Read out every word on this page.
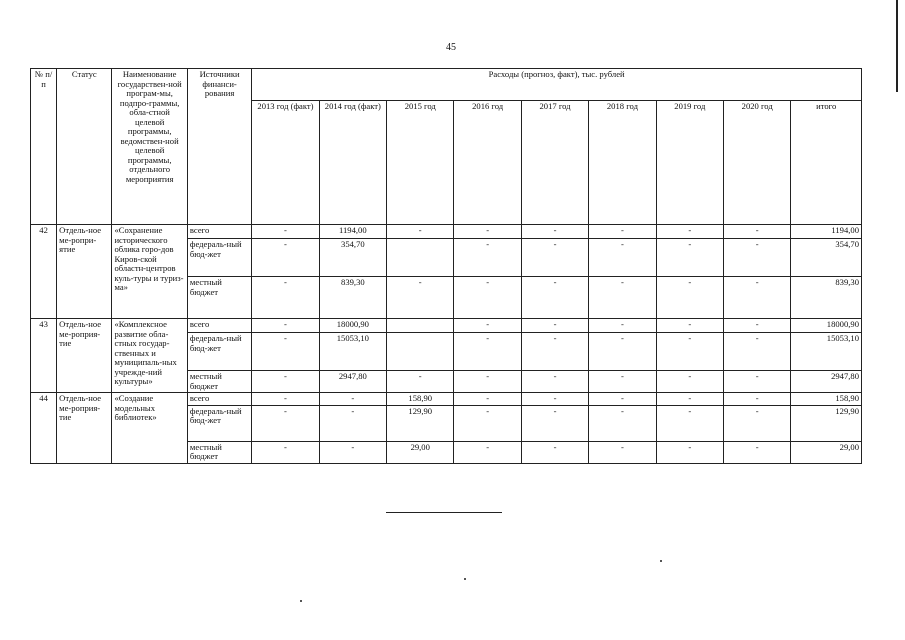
45
№ п/п	Статус	Наименование государствен-ной програм-мы, подпро-граммы, обла-стной целевой программы, ведомствен-ной целевой программы, отдельного мероприятия	Источники финанси-рования	Расходы (прогноз, факт), тыс. рублей								
				2013 год (факт)	2014 год (факт)	2015 год	2016 год	2017 год	2018 год	2019 год	2020 год	итого
42	Отдель-ное ме-ропри-ятие	«Сохранение исторического облика горо-дов Киров-ской областн-центров куль-туры и туриз-ма»	всего	-	1194,00	-	-	-	-	-	-	1194,00
			федераль-ный бюд-жет	-	354,70		-	-	-	-	-	354,70
			местный бюджет	-	839,30	-	-	-	-	-	-	839,30
43	Отдель-ное ме-роприя-тие	«Комплексное развитие обла-стных государ-ственных и муниципаль-ных учрежде-ний культуры»	всего	-	18000,90		-	-	-	-	-	18000,90
			федераль-ный бюд-жет	-	15053,10		-	-	-	-	-	15053,10
			местный бюджет	-	2947,80	-	-	-	-	-	-	2947,80
44	Отдель-ное ме-роприя-тие	«Создание модельных библиотек»	всего	-	-	158,90	-	-	-	-	-	158,90
			федераль-ный бюд-жет	-	-	129,90	-	-	-	-	-	129,90
			местный бюджет	-	-	29,00	-	-	-	-	-	29,00
